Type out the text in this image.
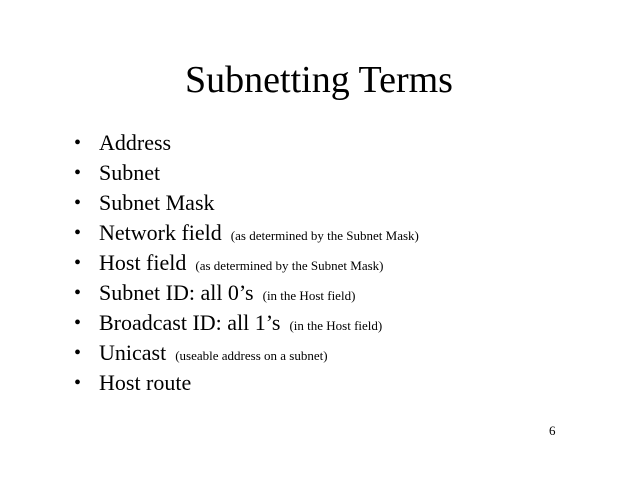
Subnetting Terms
• Address
• Subnet
• Subnet Mask
• Network field (as determined by the Subnet Mask)
• Host field (as determined by the Subnet Mask)
• Subnet ID: all 0’s (in the Host field)
• Broadcast ID: all 1’s (in the Host field)
• Unicast (useable address on a subnet)
• Host route
6
